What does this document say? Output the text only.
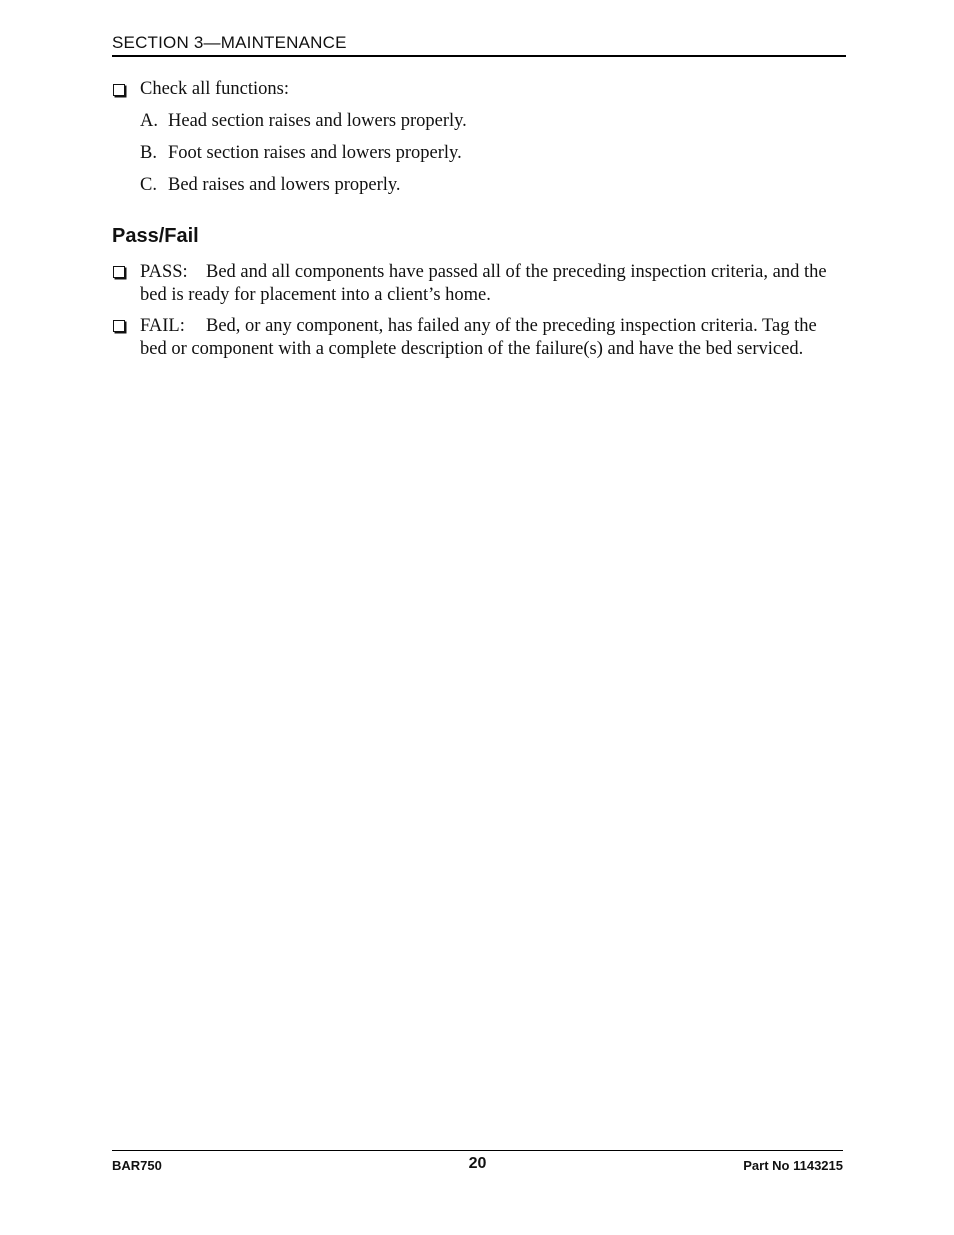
SECTION 3—MAINTENANCE
Check all functions:
A. Head section raises and lowers properly.
B. Foot section raises and lowers properly.
C. Bed raises and lowers properly.
Pass/Fail
PASS: Bed and all components have passed all of the preceding inspection criteria, and the bed is ready for placement into a client’s home.
FAIL: Bed, or any component, has failed any of the preceding inspection criteria. Tag the bed or component with a complete description of the failure(s) and have the bed serviced.
BAR750	20	Part No 1143215
